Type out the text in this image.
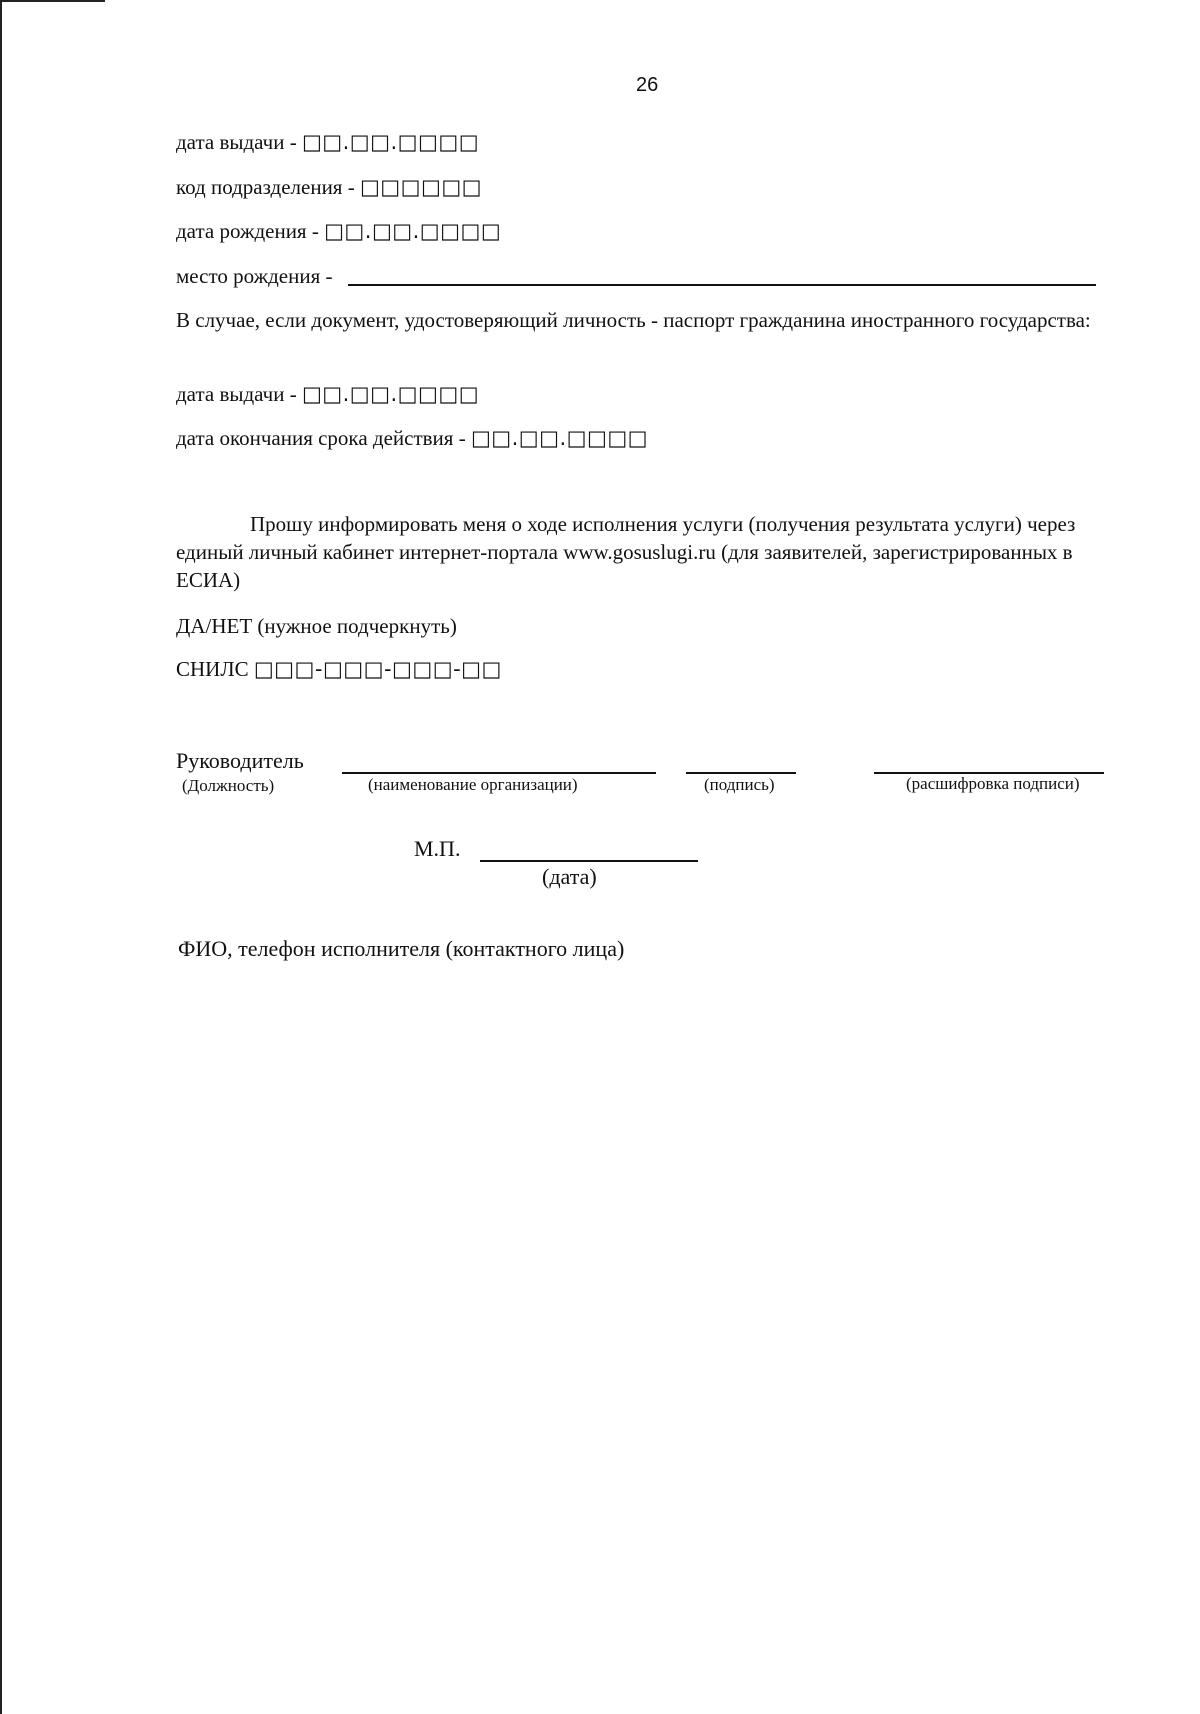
26
дата выдачи - □□.□□.□□□□
код подразделения - □□□□□□
дата рождения - □□.□□.□□□□
место рождения -
В случае, если документ, удостоверяющий личность - паспорт гражданина иностранного государства:
дата выдачи - □□.□□.□□□□
дата окончания срока действия - □□.□□.□□□□
Прошу информировать меня о ходе исполнения услуги (получения результата услуги) через единый личный кабинет интернет-портала www.gosuslugi.ru (для заявителей, зарегистрированных в ЕСИА)
ДА/НЕТ (нужное подчеркнуть)
СНИЛС □□□-□□□-□□□-□□
Руководитель
(Должность)	(наименование организации)	(подпись)	(расшифровка подписи)
М.П.
(дата)
ФИО, телефон исполнителя (контактного лица)
